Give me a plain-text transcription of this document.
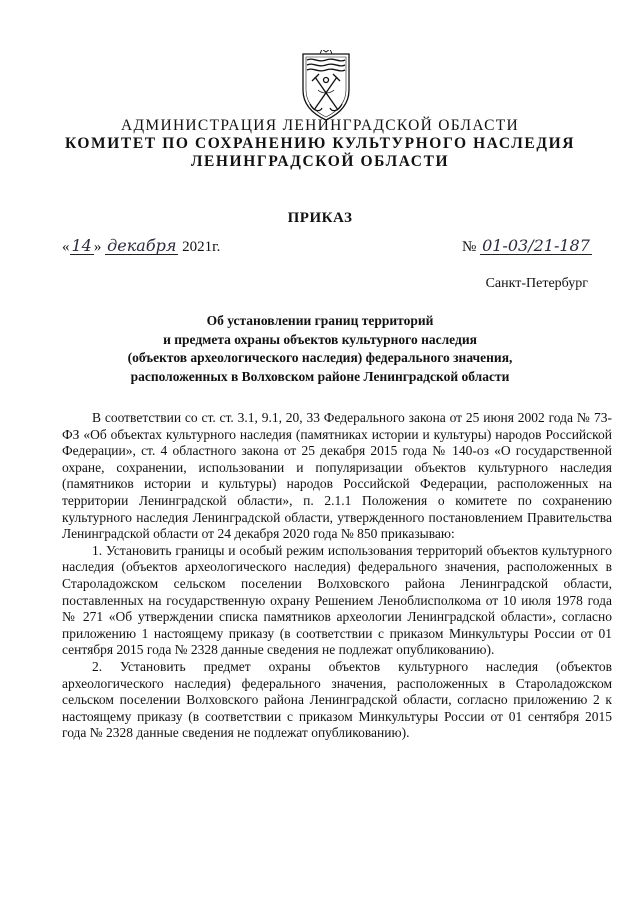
АДМИНИСТРАЦИЯ ЛЕНИНГРАДСКОЙ ОБЛАСТИ
КОМИТЕТ ПО СОХРАНЕНИЮ КУЛЬТУРНОГО НАСЛЕДИЯ
ЛЕНИНГРАДСКОЙ ОБЛАСТИ
ПРИКАЗ
« 14 » декабря 2021г.	№ 01-03/21-187
Санкт-Петербург
Об установлении границ территорий
и предмета охраны объектов культурного наследия
(объектов археологического наследия) федерального значения,
расположенных в Волховском районе Ленинградской области

В соответствии со ст. ст. 3.1, 9.1, 20, 33 Федерального закона от 25 июня 2002 года № 73-ФЗ «Об объектах культурного наследия (памятниках истории и культуры) народов Российской Федерации», ст. 4 областного закона от 25 декабря 2015 года № 140-оз «О государственной охране, сохранении, использовании и популяризации объектов культурного наследия (памятников истории и культуры) народов Российской Федерации, расположенных на территории Ленинградской области», п. 2.1.1 Положения о комитете по сохранению культурного наследия Ленинградской области, утвержденного постановлением Правительства Ленинградской области от 24 декабря 2020 года № 850 приказываю:

1. Установить границы и особый режим использования территорий объектов культурного наследия (объектов археологического наследия) федерального значения, расположенных в Староладожском сельском поселении Волховского района Ленинградской области, поставленных на государственную охрану Решением Леноблисполкома от 10 июля 1978 года № 271 «Об утверждении списка памятников археологии Ленинградской области», согласно приложению 1 настоящему приказу (в соответствии с приказом Минкультуры России от 01 сентября 2015 года № 2328 данные сведения не подлежат опубликованию).

2. Установить предмет охраны объектов культурного наследия (объектов археологического наследия) федерального значения, расположенных в Староладожском сельском поселении Волховского района Ленинградской области, согласно приложению 2 к настоящему приказу (в соответствии с приказом Минкультуры России от 01 сентября 2015 года № 2328 данные сведения не подлежат опубликованию).
